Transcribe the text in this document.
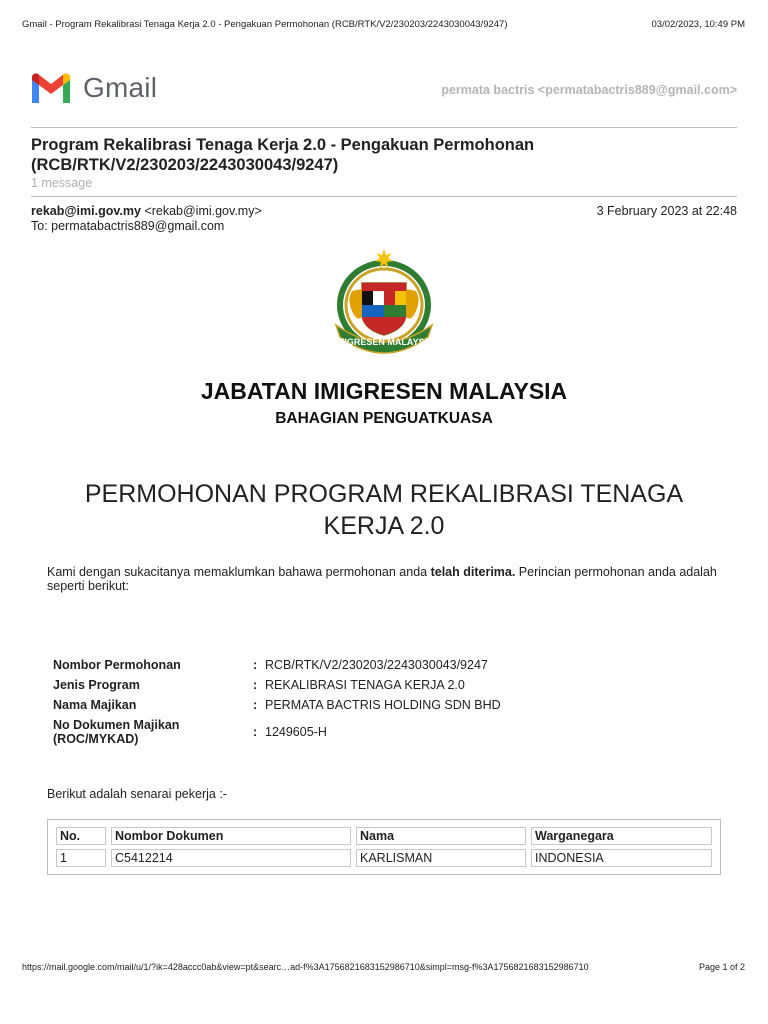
Gmail - Program Rekalibrasi Tenaga Kerja 2.0 - Pengakuan Permohonan (RCB/RTK/V2/230203/2243030043/9247)	03/02/2023, 10:49 PM
Gmail	permata bactris <permatabactris889@gmail.com>
Program Rekalibrasi Tenaga Kerja 2.0 - Pengakuan Permohonan
(RCB/RTK/V2/230203/2243030043/9247)
1 message
rekab@imi.gov.my <rekab@imi.gov.my>	3 February 2023 at 22:48
To: permatabactris889@gmail.com
IMIGRESEN MALAYSIA
JABATAN IMIGRESEN MALAYSIA
BAHAGIAN PENGUATKUASA
PERMOHONAN PROGRAM REKALIBRASI TENAGA
KERJA 2.0
Kami dengan sukacitanya memaklumkan bahawa permohonan anda telah diterima. Perincian permohonan anda adalah seperti berikut:
Nombor Permohonan	: RCB/RTK/V2/230203/2243030043/9247
Jenis Program	: REKALIBRASI TENAGA KERJA 2.0
Nama Majikan	: PERMATA BACTRIS HOLDING SDN BHD
No Dokumen Majikan
(ROC/MYKAD)	: 1249605-H
Berikut adalah senarai pekerja :-
No.	Nombor Dokumen	Nama	Warganegara
1	C5412214	KARLISMAN	INDONESIA
https://mail.google.com/mail/u/1/?ik=428accc0ab&view=pt&searc…ad-f%3A1756821683152986710&simpl=msg-f%3A1756821683152986710	Page 1 of 2
